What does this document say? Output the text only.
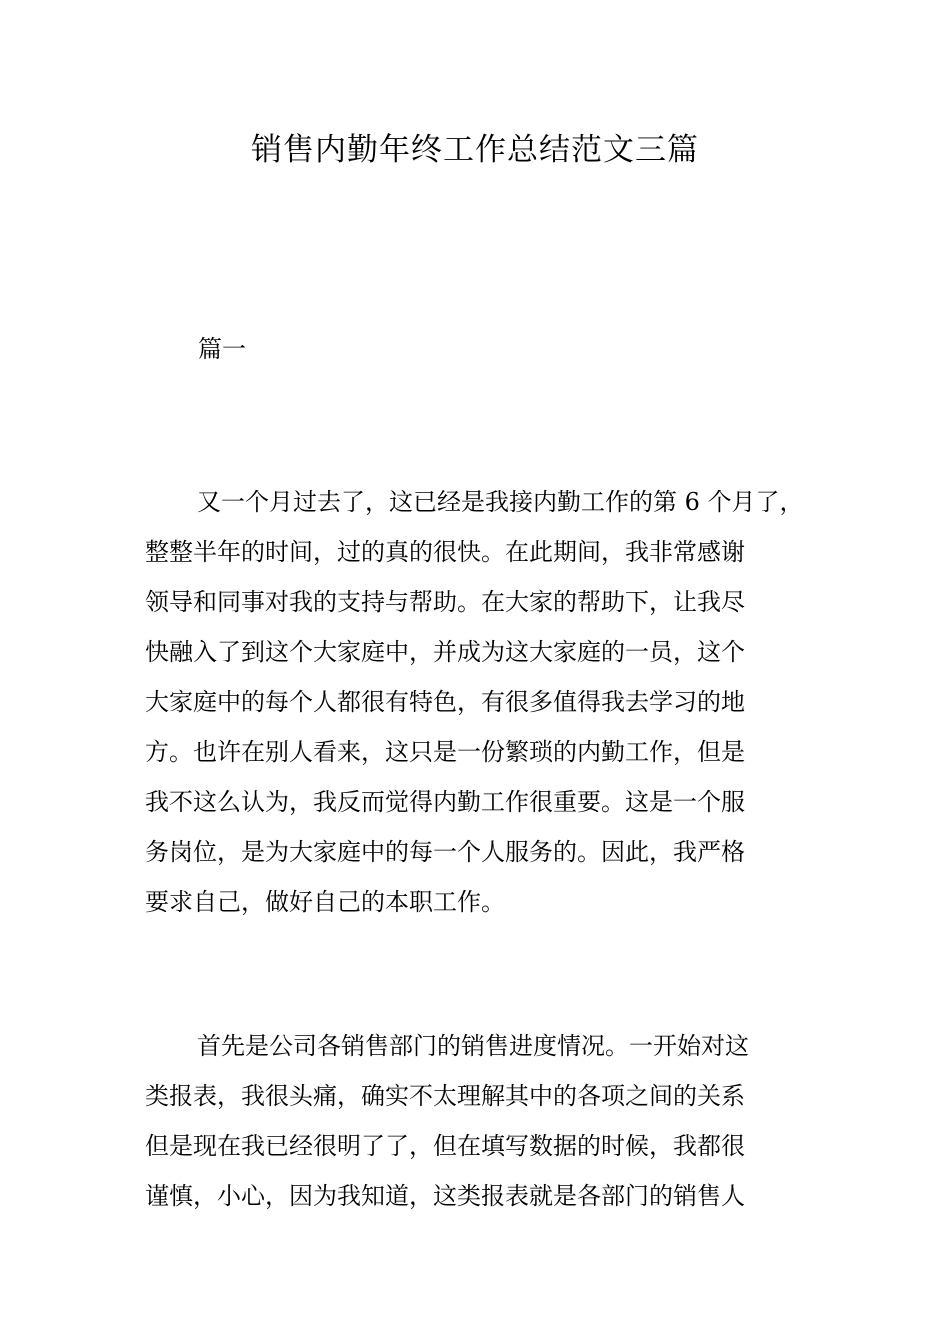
销售内勤年终工作总结范文三篇

篇一

又一个月过去了，这已经是我接内勤工作的第 6 个月了，
整整半年的时间，过的真的很快。在此期间，我非常感谢
领导和同事对我的支持与帮助。在大家的帮助下，让我尽
快融入了到这个大家庭中，并成为这大家庭的一员，这个
大家庭中的每个人都很有特色，有很多值得我去学习的地
方。也许在别人看来，这只是一份繁琐的内勤工作，但是
我不这么认为，我反而觉得内勤工作很重要。这是一个服
务岗位，是为大家庭中的每一个人服务的。因此，我严格
要求自己，做好自己的本职工作。

首先是公司各销售部门的销售进度情况。一开始对这
类报表，我很头痛，确实不太理解其中的各项之间的关系
但是现在我已经很明了了，但在填写数据的时候，我都很
谨慎，小心，因为我知道，这类报表就是各部门的销售人
